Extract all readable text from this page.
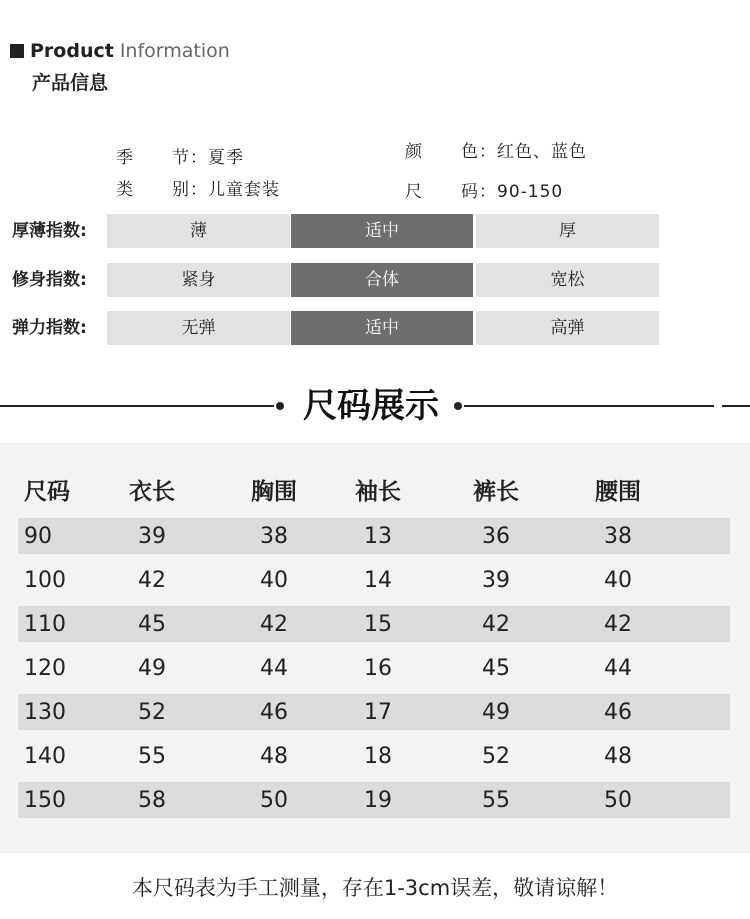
Product Information
产品信息
季 节：夏季	颜 色：红色、蓝色
类 别：儿童套装	尺 码：90-150
厚薄指数:	薄	适中	厚
修身指数:	紧身	合体	宽松
弹力指数:	无弹	适中	高弹
尺码展示
尺码	衣长	胸围	袖长	裤长	腰围
90	39	38	13	36	38
100	42	40	14	39	40
110	45	42	15	42	42
120	49	44	16	45	44
130	52	46	17	49	46
140	55	48	18	52	48
150	58	50	19	55	50
本尺码表为手工测量，存在1-3cm误差，敬请谅解！
